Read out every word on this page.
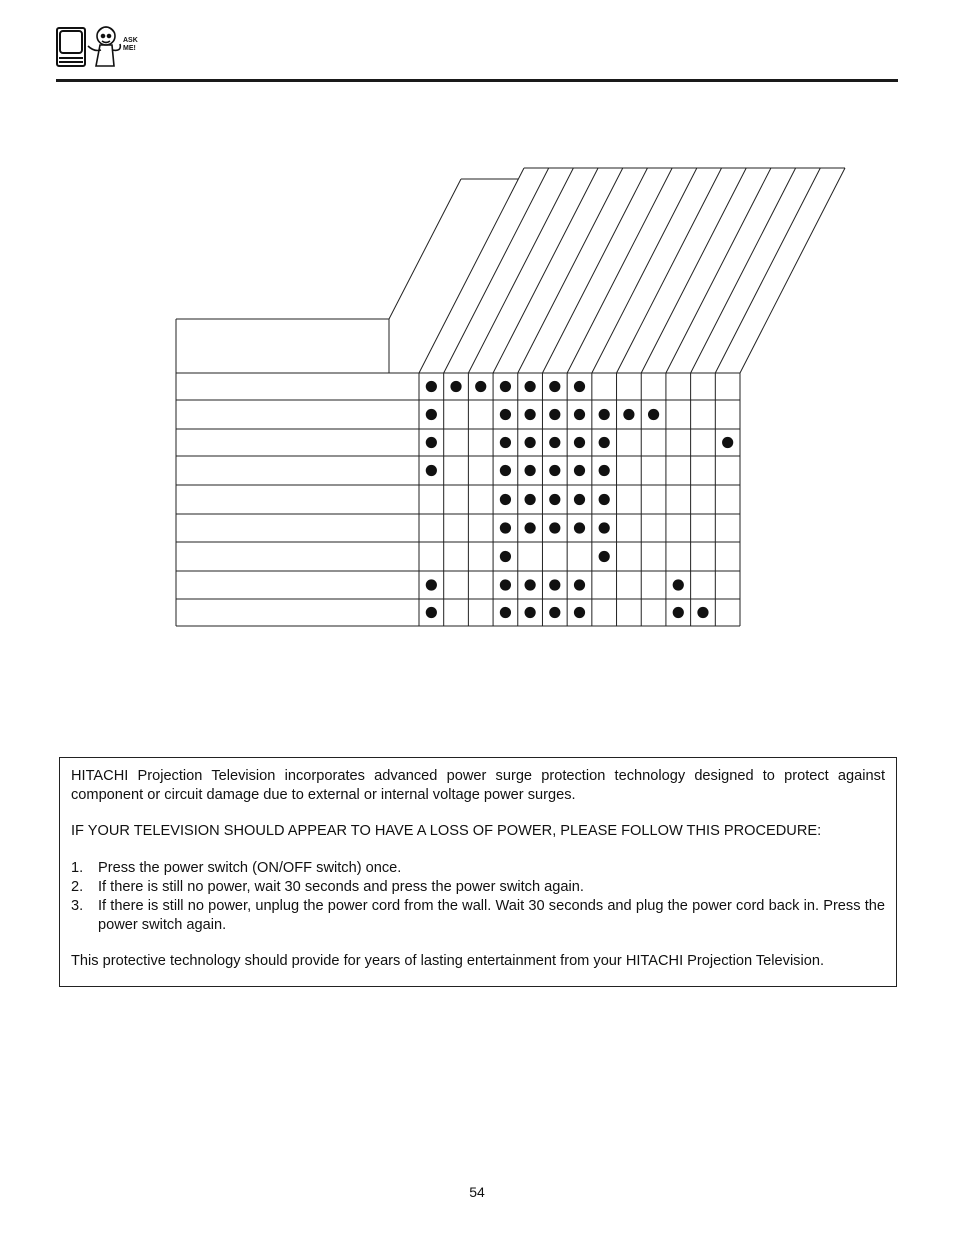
ASK
ME!

HITACHI Projection Television incorporates advanced power surge protection technology designed to protect against component or circuit damage due to external or internal voltage power surges.

IF YOUR TELEVISION SHOULD APPEAR TO HAVE A LOSS OF POWER, PLEASE FOLLOW THIS PROCEDURE:

1.	Press the power switch (ON/OFF switch) once.
2.	If there is still no power, wait 30 seconds and press the power switch again.
3.	If there is still no power, unplug the power cord from the wall. Wait 30 seconds and plug the power cord back in. Press the power switch again.

This protective technology should provide for years of lasting entertainment from your HITACHI Projection Television.

54
